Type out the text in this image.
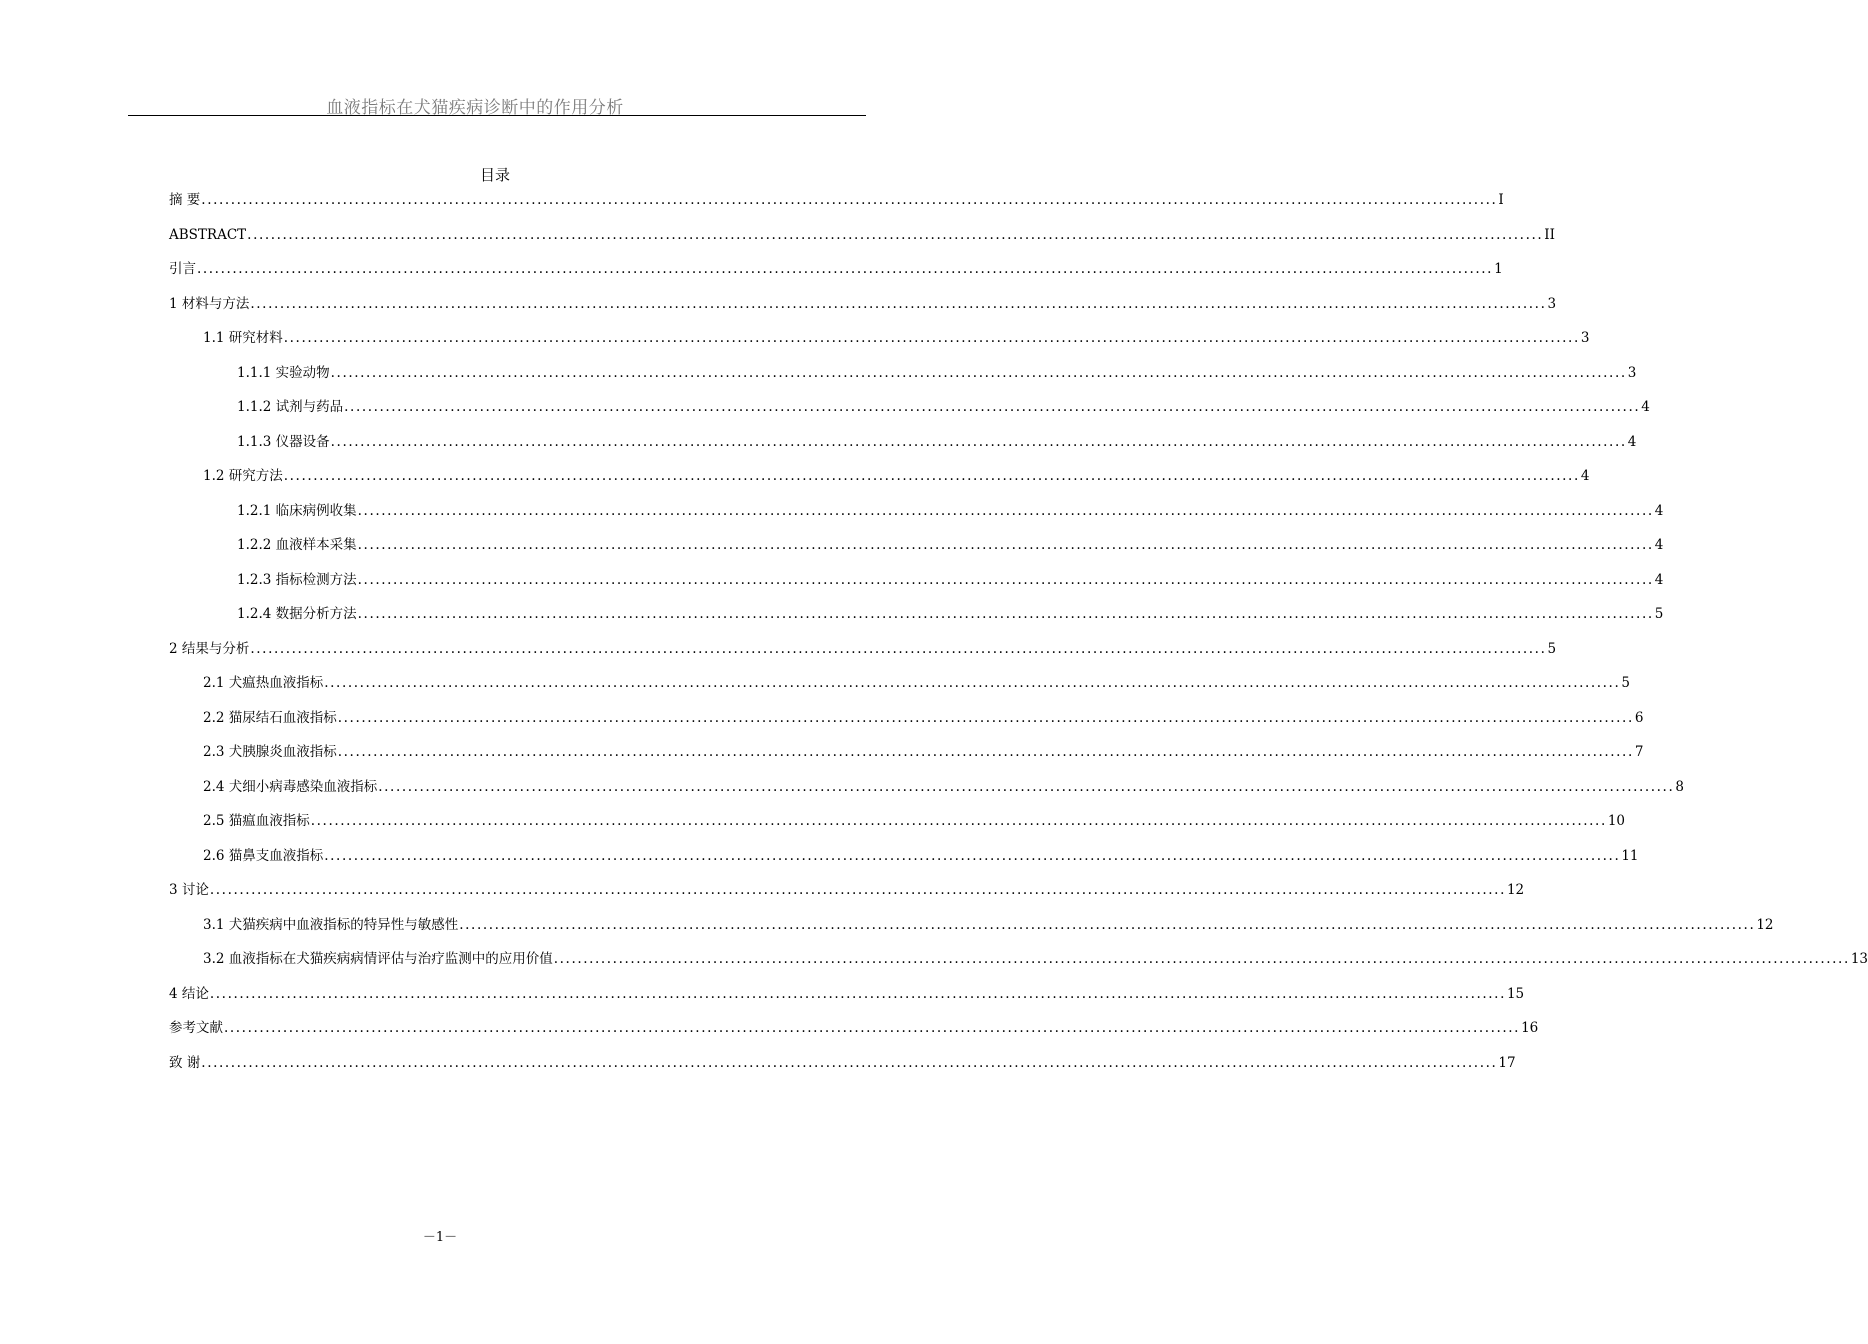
血液指标在犬猫疾病诊断中的作用分析
目录
摘 要 ............................................................................................................................................................................................................................ I
ABSTRACT ............................................................................................................................................................................................................................ II
引言 ............................................................................................................................................................................................................................ 1
1 材料与方法 ............................................................................................................................................................................................................................ 3
1.1 研究材料 ............................................................................................................................................................................................................................ 3
1.1.1 实验动物 ............................................................................................................................................................................................................................ 3
1.1.2 试剂与药品 ............................................................................................................................................................................................................................ 4
1.1.3 仪器设备 ............................................................................................................................................................................................................................ 4
1.2 研究方法 ............................................................................................................................................................................................................................ 4
1.2.1 临床病例收集 ............................................................................................................................................................................................................................ 4
1.2.2 血液样本采集 ............................................................................................................................................................................................................................ 4
1.2.3 指标检测方法 ............................................................................................................................................................................................................................ 4
1.2.4 数据分析方法 ............................................................................................................................................................................................................................ 5
2 结果与分析 ............................................................................................................................................................................................................................ 5
2.1 犬瘟热血液指标 ............................................................................................................................................................................................................................ 5
2.2 猫尿结石血液指标 ............................................................................................................................................................................................................................ 6
2.3 犬胰腺炎血液指标 ............................................................................................................................................................................................................................ 7
2.4 犬细小病毒感染血液指标 ............................................................................................................................................................................................................................ 8
2.5 猫瘟血液指标 ............................................................................................................................................................................................................................ 10
2.6 猫鼻支血液指标 ............................................................................................................................................................................................................................ 11
3 讨论 ............................................................................................................................................................................................................................ 12
3.1 犬猫疾病中血液指标的特异性与敏感性 ............................................................................................................................................................................................................................ 12
3.2 血液指标在犬猫疾病病情评估与治疗监测中的应用价值 ............................................................................................................................................................................................................................ 13
4 结论 ............................................................................................................................................................................................................................ 15
参考文献 ............................................................................................................................................................................................................................ 16
致 谢 ............................................................................................................................................................................................................................ 17
－1－
